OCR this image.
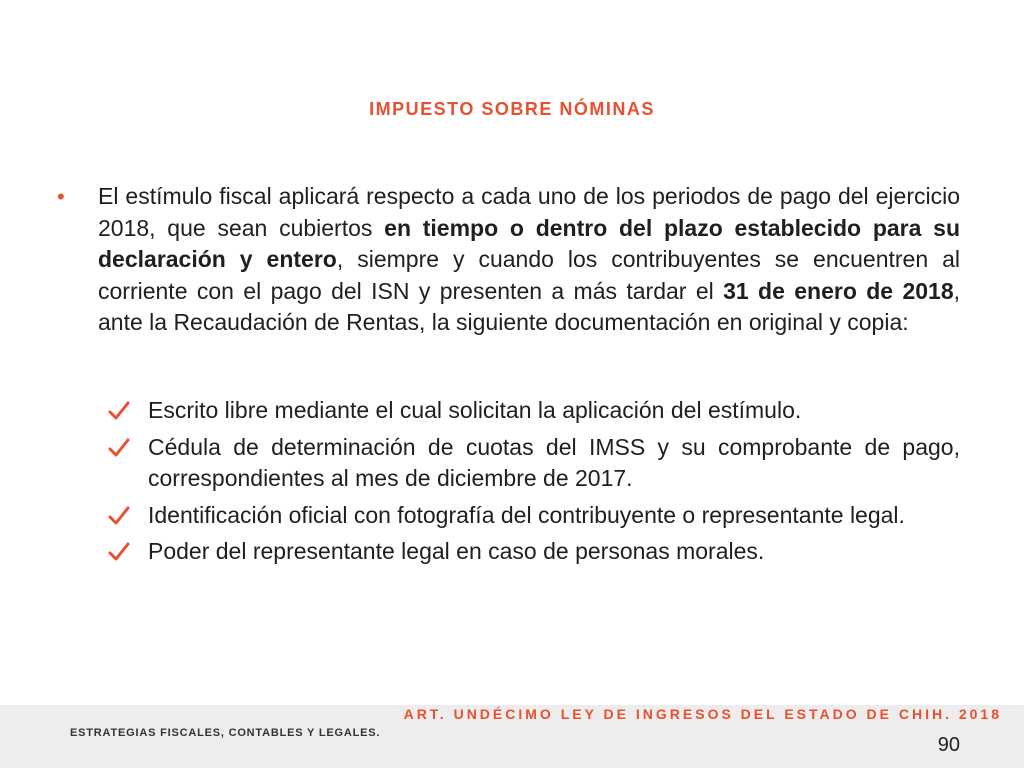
IMPUESTO SOBRE NÓMINAS
• El estímulo fiscal aplicará respecto a cada uno de los periodos de pago del ejercicio 2018, que sean cubiertos en tiempo o dentro del plazo establecido para su declaración y entero, siempre y cuando los contribuyentes se encuentren al corriente con el pago del ISN y presenten a más tardar el 31 de enero de 2018, ante la Recaudación de Rentas, la siguiente documentación en original y copia:
Escrito libre mediante el cual solicitan la aplicación del estímulo.
Cédula de determinación de cuotas del IMSS y su comprobante de pago, correspondientes al mes de diciembre de 2017.
Identificación oficial con fotografía del contribuyente o representante legal.
Poder del representante legal en caso de personas morales.
ART. UNDÉCIMO LEY DE INGRESOS DEL ESTADO DE CHIH. 2018
ESTRATEGIAS FISCALES, CONTABLES Y LEGALES.
90
